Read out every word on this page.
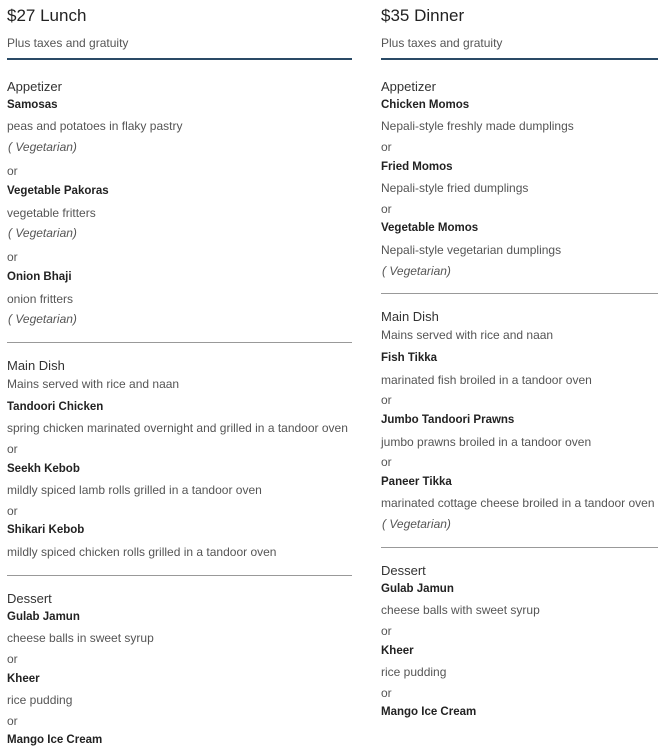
$27 Lunch
Plus taxes and gratuity
Appetizer
Samosas
peas and potatoes in flaky pastry
( Vegetarian)
or
Vegetable Pakoras
vegetable fritters
( Vegetarian)
or
Onion Bhaji
onion fritters
( Vegetarian)
Main Dish
Mains served with rice and naan
Tandoori Chicken
spring chicken marinated overnight and grilled in a tandoor oven
or
Seekh Kebob
mildly spiced lamb rolls grilled in a tandoor oven
or
Shikari Kebob
mildly spiced chicken rolls grilled in a tandoor oven
Dessert
Gulab Jamun
cheese balls in sweet syrup
or
Kheer
rice pudding
or
Mango Ice Cream
$35 Dinner
Plus taxes and gratuity
Appetizer
Chicken Momos
Nepali-style freshly made dumplings
or
Fried Momos
Nepali-style fried dumplings
or
Vegetable Momos
Nepali-style vegetarian dumplings
( Vegetarian)
Main Dish
Mains served with rice and naan
Fish Tikka
marinated fish broiled in a tandoor oven
or
Jumbo Tandoori Prawns
jumbo prawns broiled in a tandoor oven
or
Paneer Tikka
marinated cottage cheese broiled in a tandoor oven
( Vegetarian)
Dessert
Gulab Jamun
cheese balls with sweet syrup
or
Kheer
rice pudding
or
Mango Ice Cream
